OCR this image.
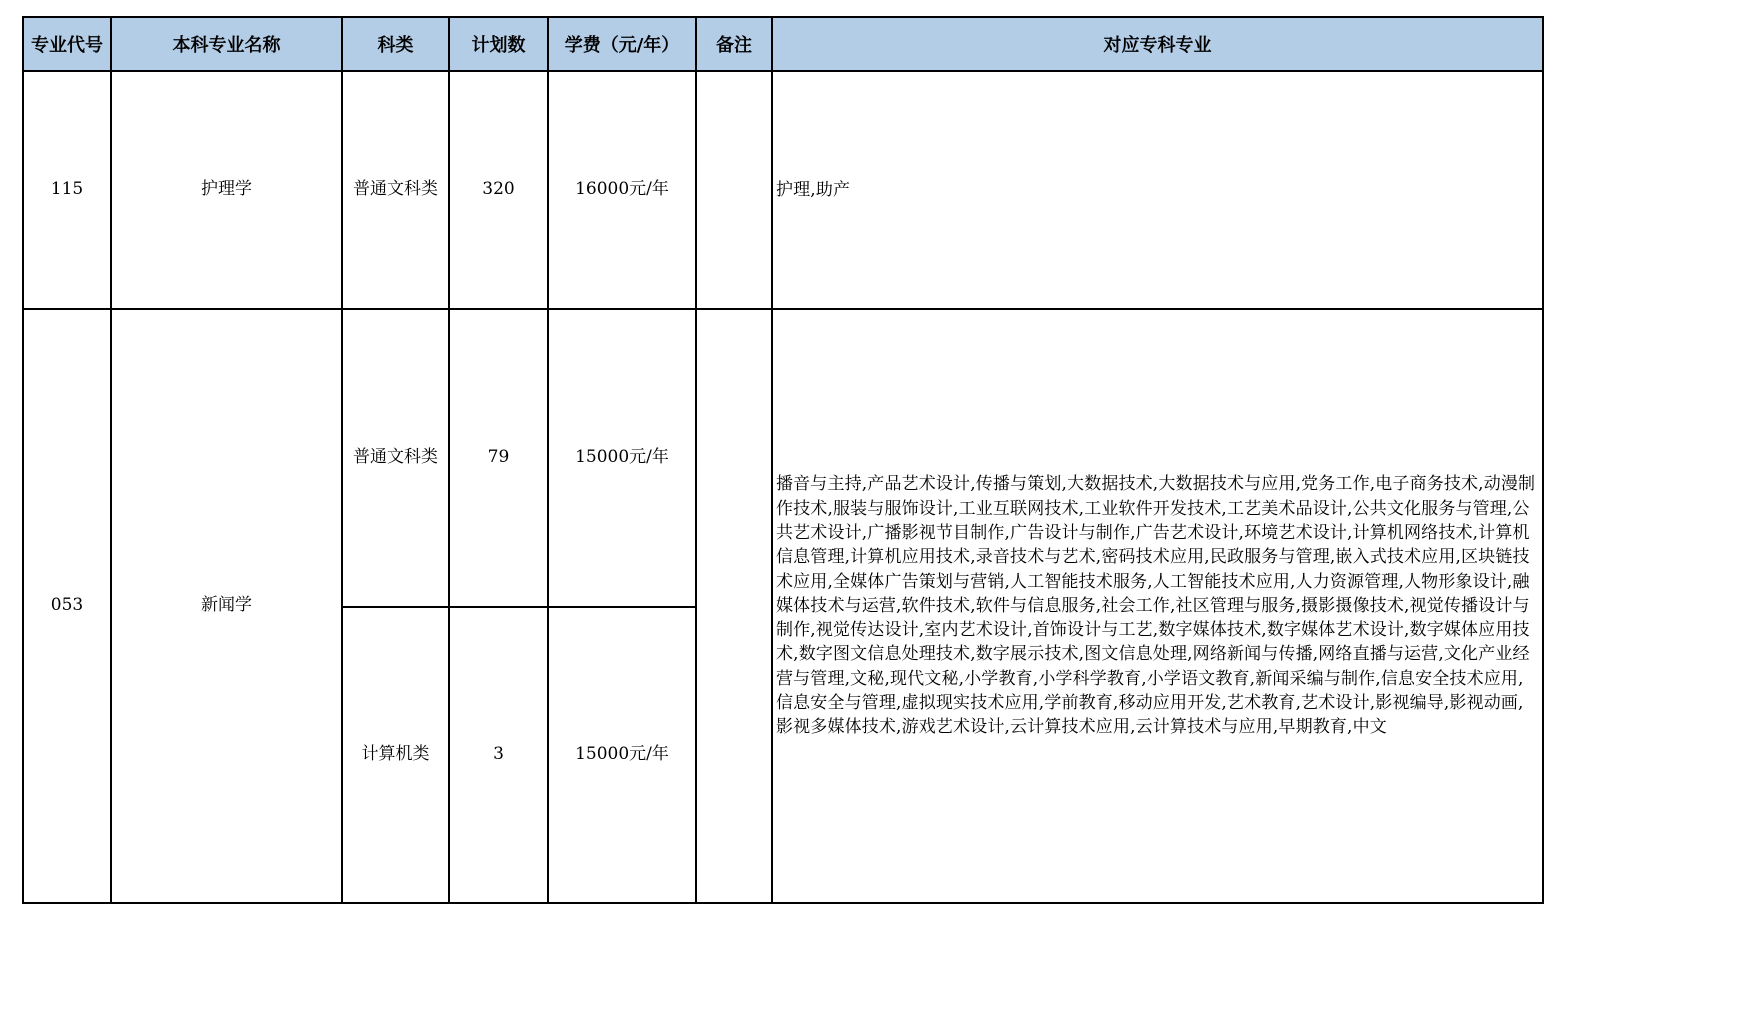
专业代号	本科专业名称	科类	计划数	学费（元/年）	备注	对应专科专业
115	护理学	普通文科类	320	16000元/年		护理,助产

053	新闻学	普通文科类	79	15000元/年		播音与主持,产品艺术设计,传播与策划,大数据技术,大数据技术与应用,党务工作,电子商务技术,动漫制作技术,服装与服饰设计,工业互联网技术,工业软件开发技术,工艺美术品设计,公共文化服务与管理,公共艺术设计,广播影视节目制作,广告设计与制作,广告艺术设计,环境艺术设计,计算机网络技术,计算机信息管理,计算机应用技术,录音技术与艺术,密码技术应用,民政服务与管理,嵌入式技术应用,区块链技术应用,全媒体广告策划与营销,人工智能技术服务,人工智能技术应用,人力资源管理,人物形象设计,融媒体技术与运营,软件技术,软件与信息服务,社会工作,社区管理与服务,摄影摄像技术,视觉传播设计与制作,视觉传达设计,室内艺术设计,首饰设计与工艺,数字媒体技术,数字媒体艺术设计,数字媒体应用技术,数字图文信息处理技术,数字展示技术,图文信息处理,网络新闻与传播,网络直播与运营,文化产业经营与管理,文秘,现代文秘,小学教育,小学科学教育,小学语文教育,新闻采编与制作,信息安全技术应用,信息安全与管理,虚拟现实技术应用,学前教育,移动应用开发,艺术教育,艺术设计,影视编导,影视动画,影视多媒体技术,游戏艺术设计,云计算技术应用,云计算技术与应用,早期教育,中文

		计算机类	3	15000元/年		
